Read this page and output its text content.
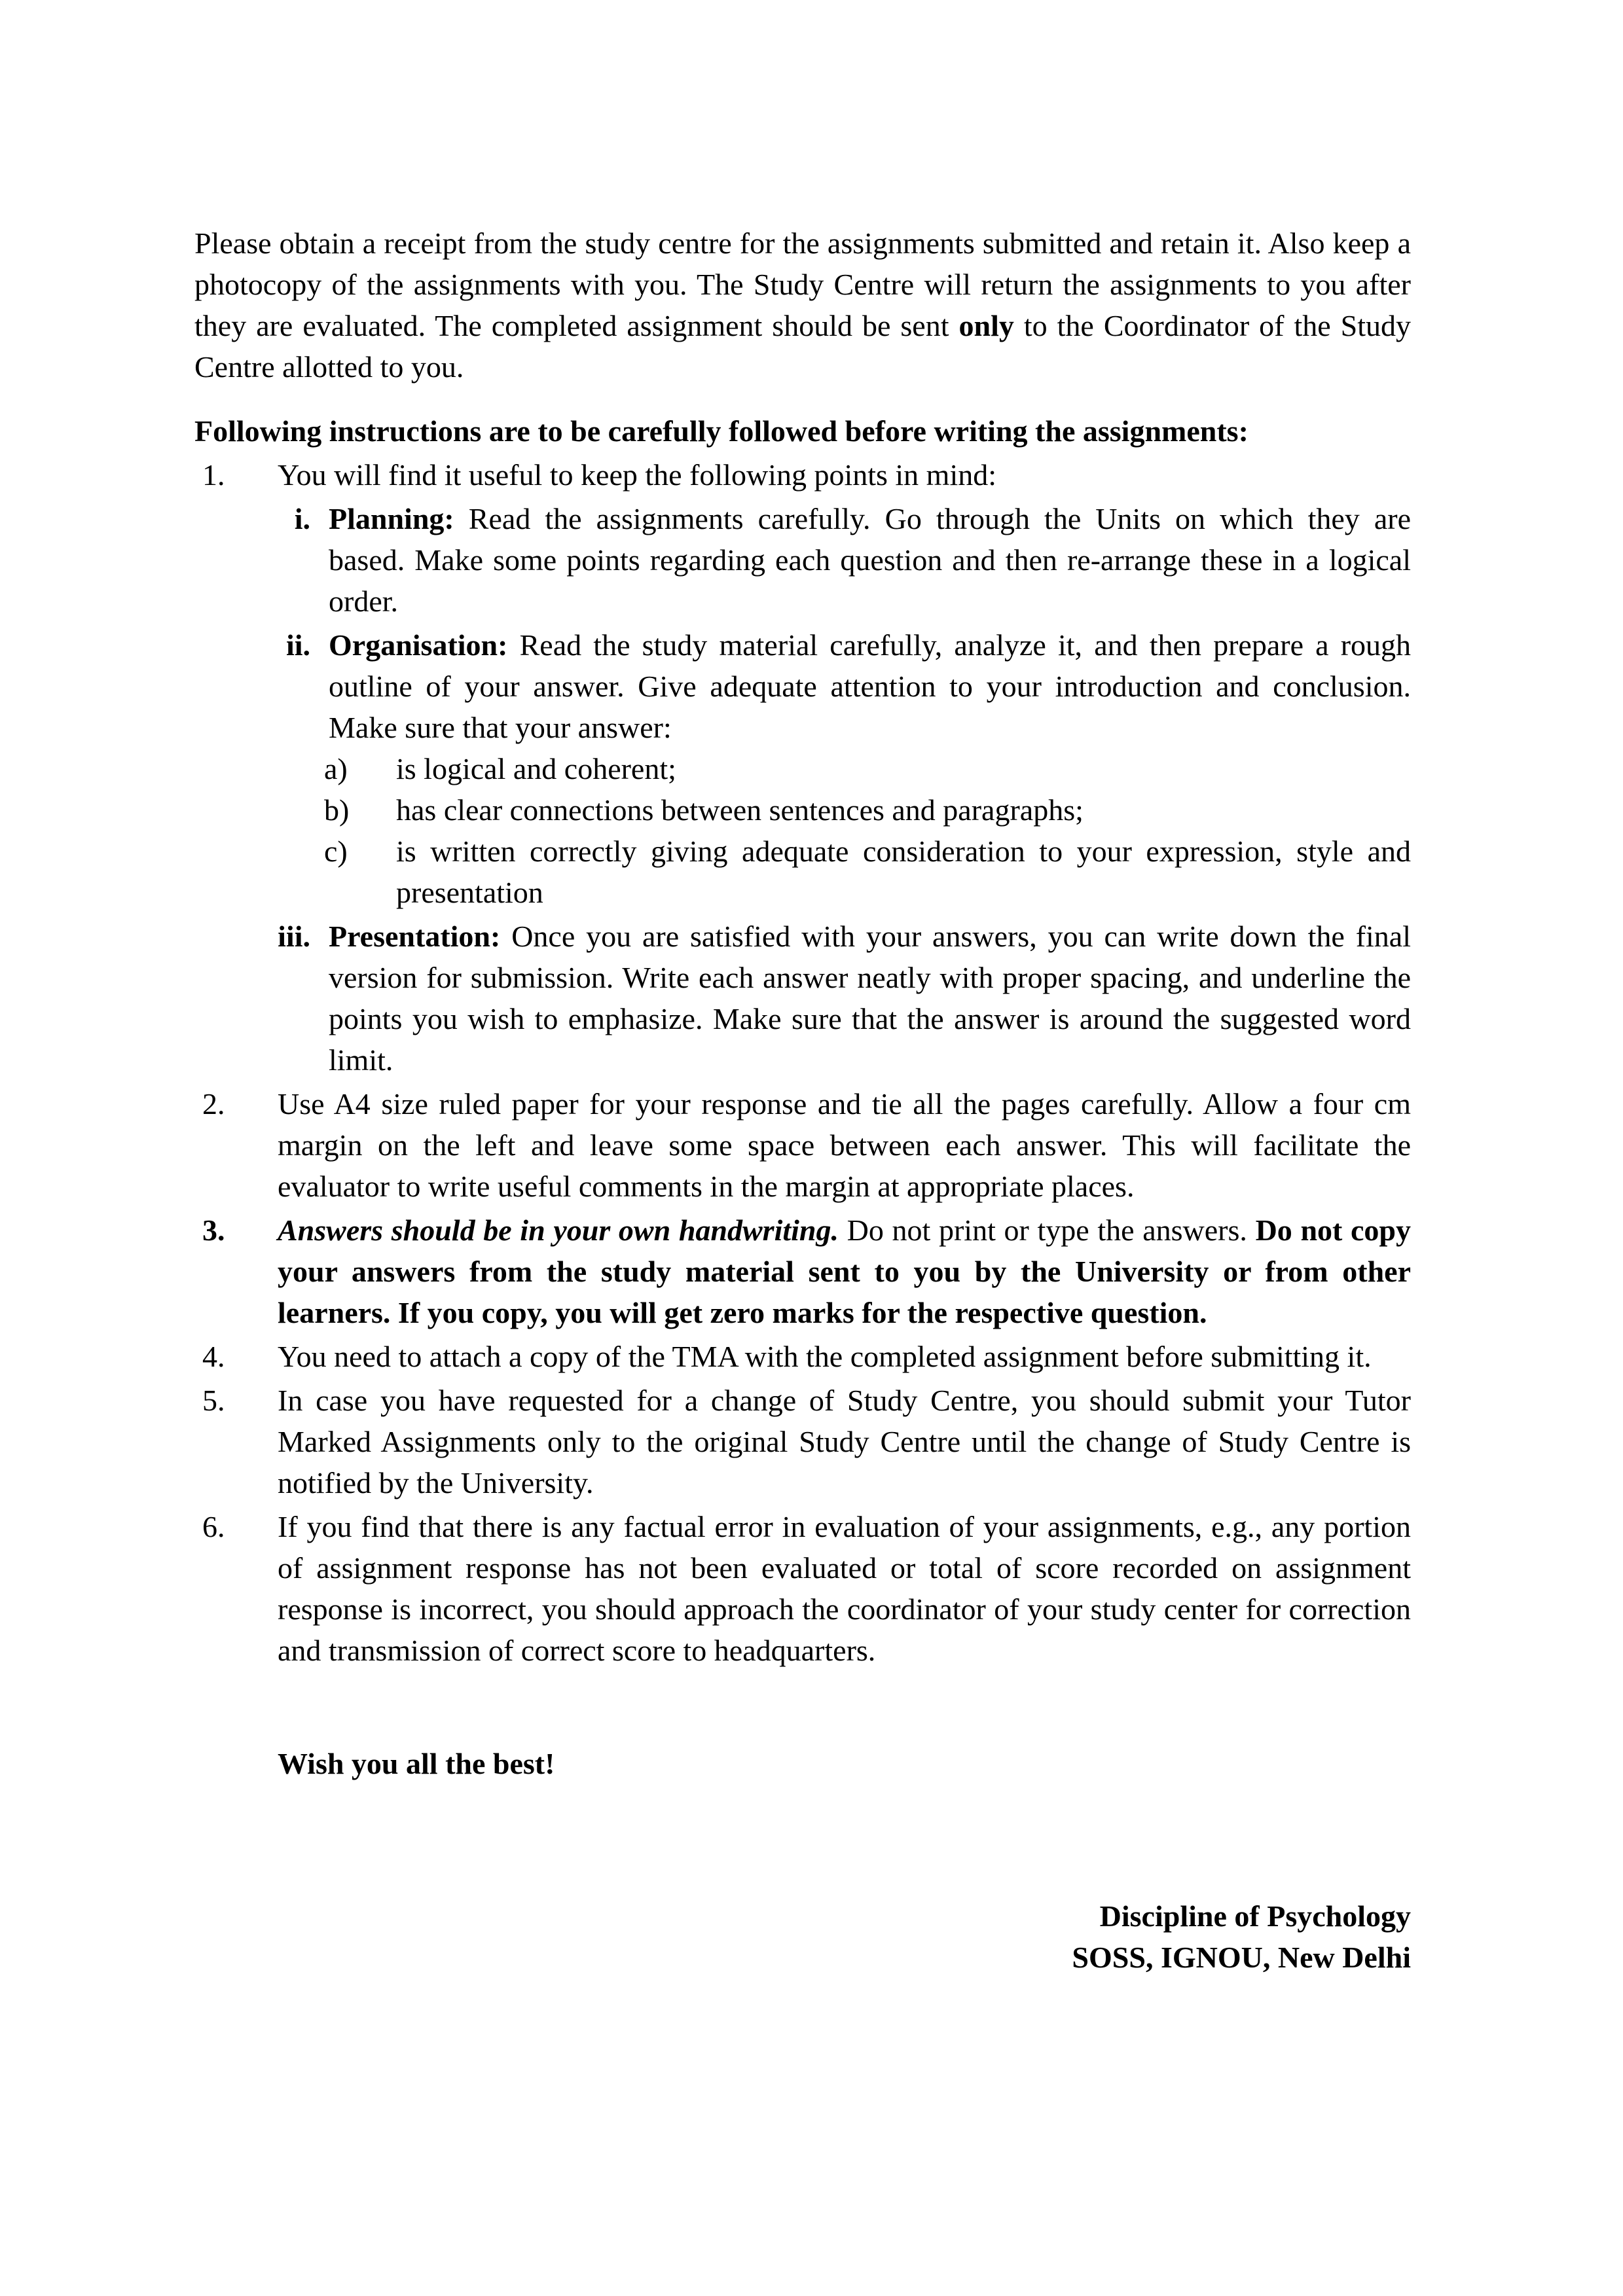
Please obtain a receipt from the study centre for the assignments submitted and retain it. Also keep a photocopy of the assignments with you. The Study Centre will return the assignments to you after they are evaluated. The completed assignment should be sent only to the Coordinator of the Study Centre allotted to you.

Following instructions are to be carefully followed before writing the assignments:
1.	You will find it useful to keep the following points in mind:
i. Planning: Read the assignments carefully. Go through the Units on which they are based. Make some points regarding each question and then re-arrange these in a logical order.
ii. Organisation: Read the study material carefully, analyze it, and then prepare a rough outline of your answer. Give adequate attention to your introduction and conclusion. Make sure that your answer:
a)	is logical and coherent;
b)	has clear connections between sentences and paragraphs;
c)	is written correctly giving adequate consideration to your expression, style and presentation
iii. Presentation: Once you are satisfied with your answers, you can write down the final version for submission. Write each answer neatly with proper spacing, and underline the points you wish to emphasize. Make sure that the answer is around the suggested word limit.
2.	Use A4 size ruled paper for your response and tie all the pages carefully. Allow a four cm margin on the left and leave some space between each answer. This will facilitate the evaluator to write useful comments in the margin at appropriate places.
3.	Answers should be in your own handwriting. Do not print or type the answers. Do not copy your answers from the study material sent to you by the University or from other learners. If you copy, you will get zero marks for the respective question.
4.	You need to attach a copy of the TMA with the completed assignment before submitting it.
5.	In case you have requested for a change of Study Centre, you should submit your Tutor Marked Assignments only to the original Study Centre until the change of Study Centre is notified by the University.
6.	If you find that there is any factual error in evaluation of your assignments, e.g., any portion of assignment response has not been evaluated or total of score recorded on assignment response is incorrect, you should approach the coordinator of your study center for correction and transmission of correct score to headquarters.
Wish you all the best!
Discipline of Psychology
SOSS, IGNOU, New Delhi
